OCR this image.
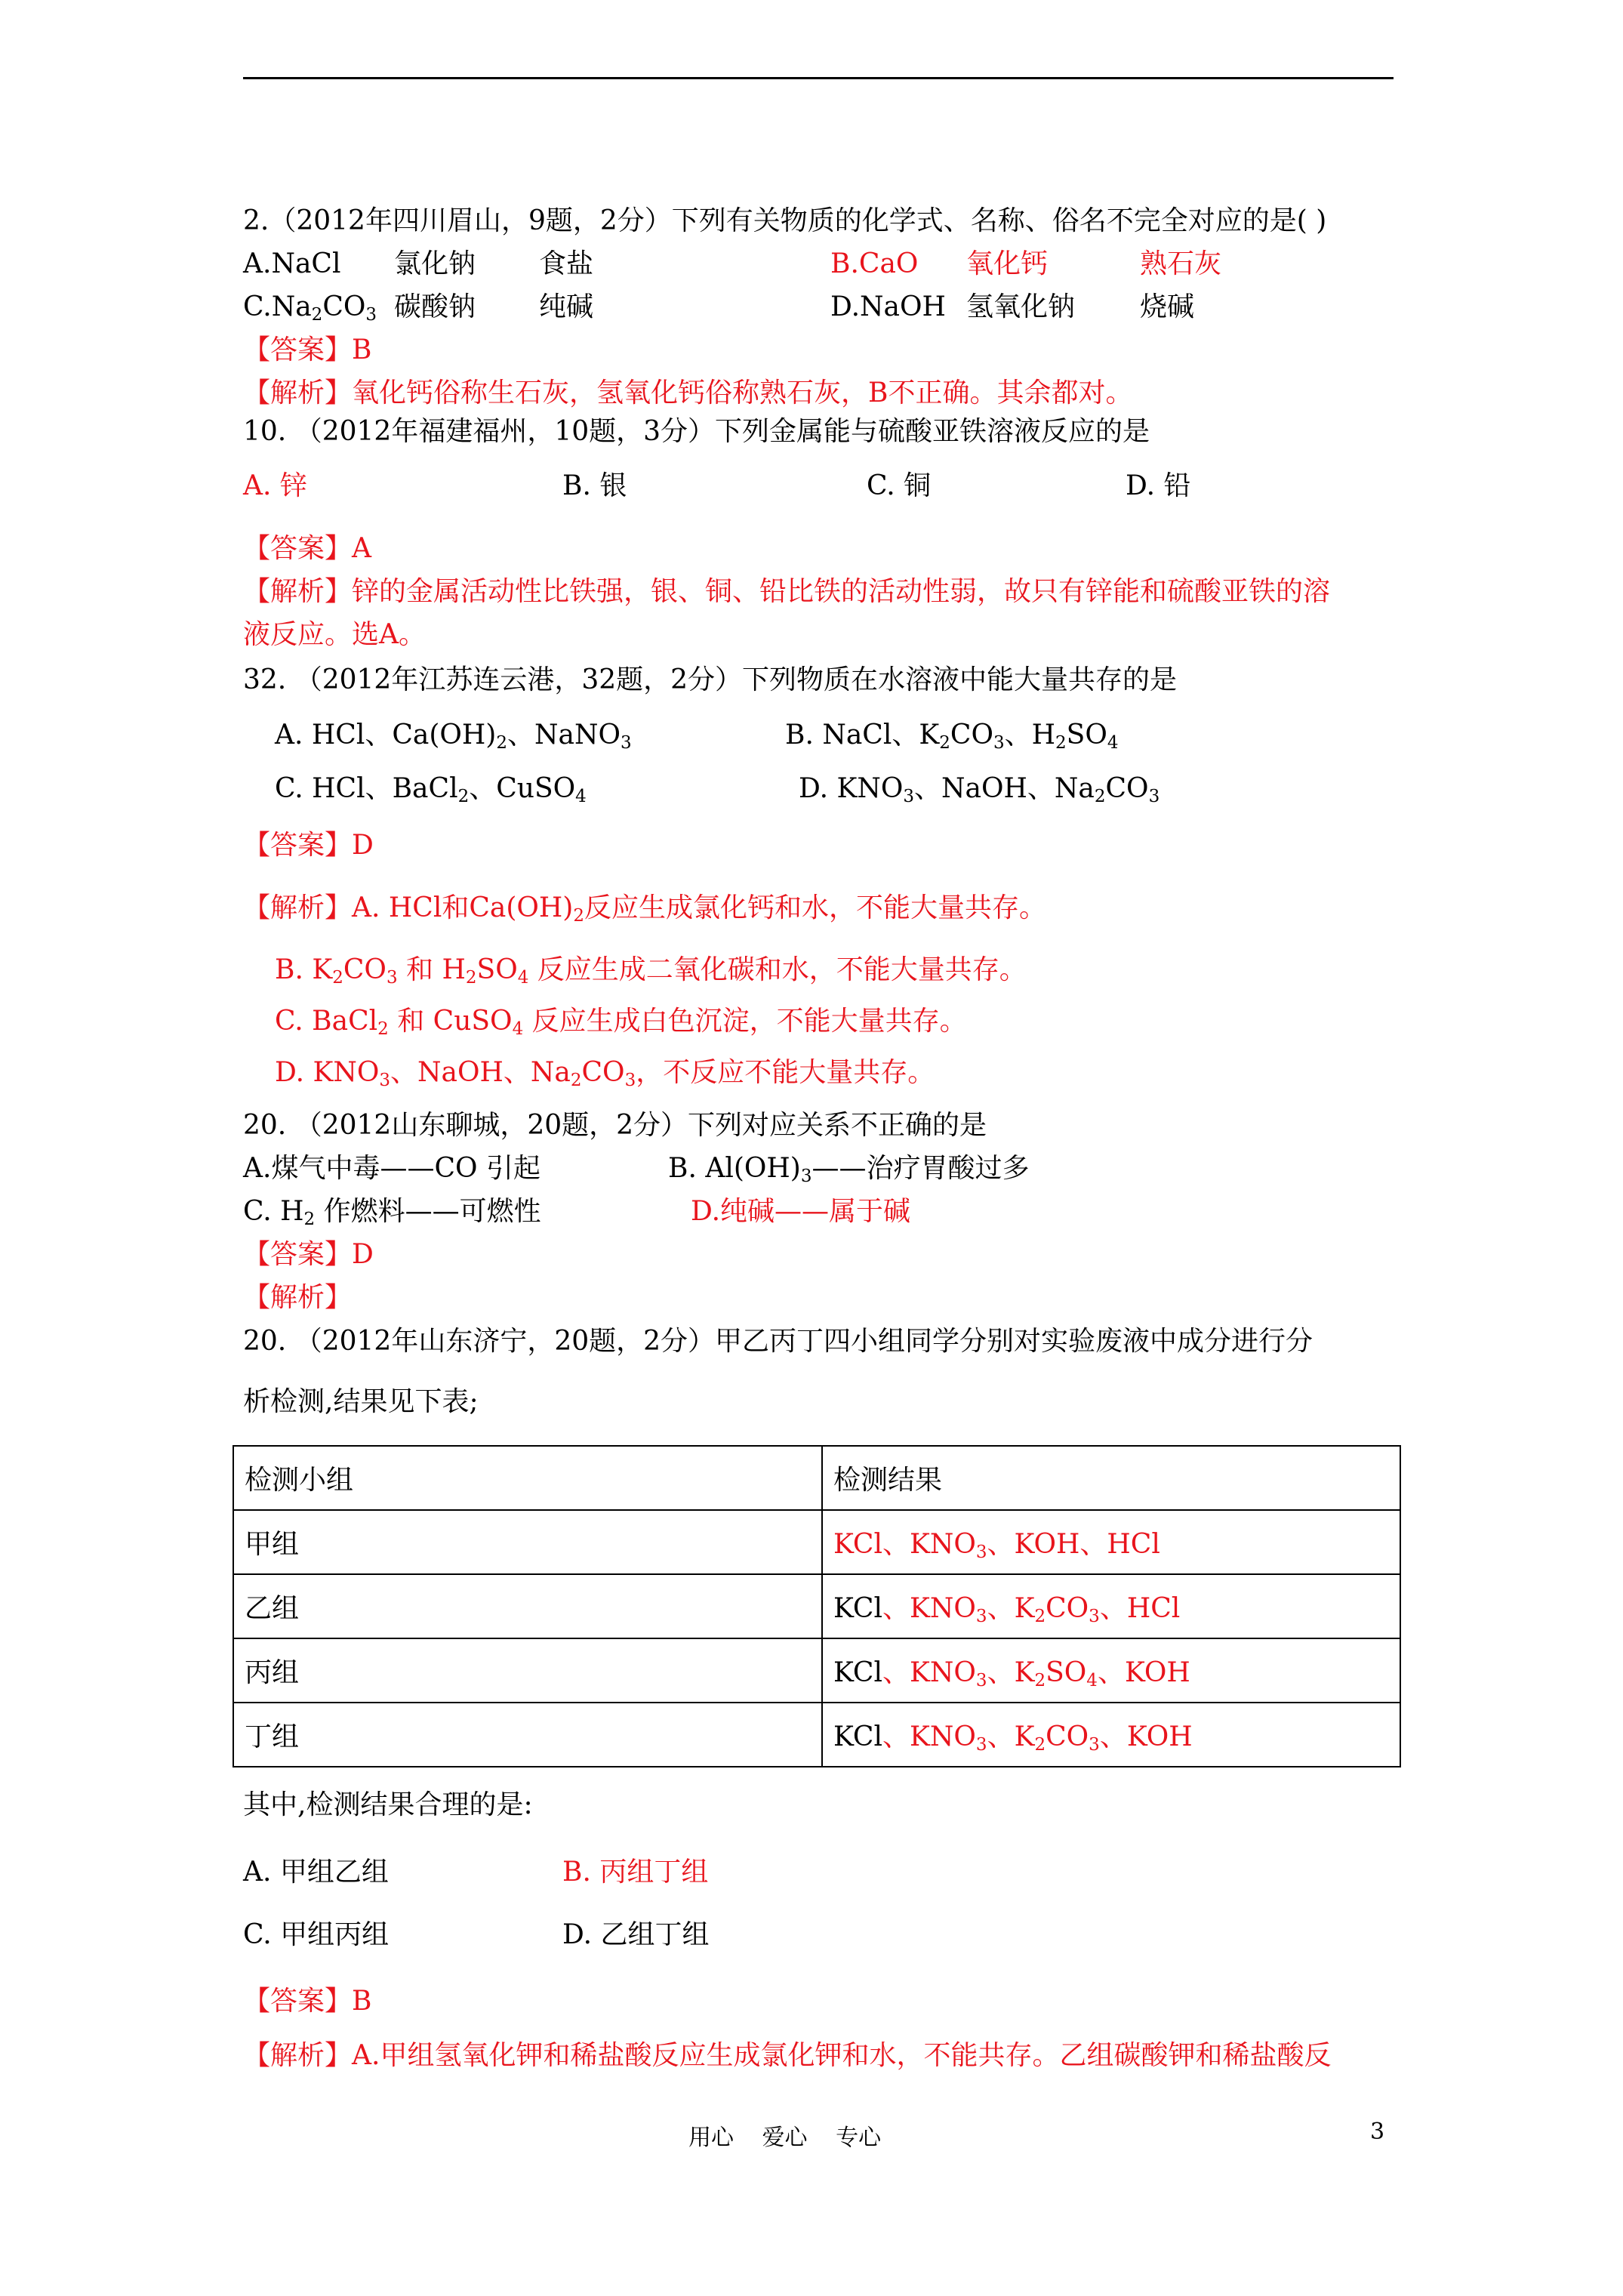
2.（2012年四川眉山，9题，2分）下列有关物质的化学式、名称、俗名不完全对应的是( )
A.NaCl 氯化钠 食盐	B.CaO 氧化钙	熟石灰
$C.Na_2CO_3$ 碳酸钠 纯碱	D.NaOH 氢氧化钠 烧碱
【答案】B
【解析】氧化钙俗称生石灰，氢氧化钙俗称熟石灰，B不正确。其余都对。
10. （2012年福建福州，10题，3分）下列金属能与硫酸亚铁溶液反应的是
A. 锌	B. 银	C. 铜	D. 铅
【答案】A
【解析】锌的金属活动性比铁强，银、铜、铅比铁的活动性弱，故只有锌能和硫酸亚铁的溶
液反应。选A。
32. （2012年江苏连云港，32题，2分）下列物质在水溶液中能大量共存的是
A. HCl、$Ca(OH)_2$、NaNO$_3$	B. NaCl、$K_2CO_3$、$H_2SO_4$
C. HCl、BaCl$_2$、CuSO$_4$	D. $KNO_3$、NaOH、$Na_2CO_3$
【答案】D
【解析】A. HCl和$Ca(OH)_2$反应生成氯化钙和水，不能大量共存。
B. $K_2CO_3$ 和 $H_2SO_4$ 反应生成二氧化碳和水，不能大量共存。
C. BaCl$_2$ 和 CuSO$_4$ 反应生成白色沉淀，不能大量共存。
D. $KNO_3$、NaOH、$Na_2CO_3$，不反应不能大量共存。
20. （2012山东聊城，20题，2分）下列对应关系不正确的是
A.煤气中毒——CO 引起	B. $Al(OH)_3——$治疗胃酸过多
C. $H_2$ 作燃料——可燃性	D.纯碱——属于碱
【答案】D
【解析】
20. （2012年山东济宁，20题，2分）甲乙丙丁四小组同学分别对实验废液中成分进行分
析检测,结果见下表;
检测小组	检测结果
甲组	KCl、$KNO_3$、KOH、HCl
乙组	KCl、$KNO_3$、$K_2CO_3$、HCl
丙组	KCl、$KNO_3$、$K_2SO_4$、KOH
丁组	KCl、$KNO_3$、$K_2CO_3$、KOH
其中,检测结果合理的是:
A. 甲组乙组	B. 丙组丁组
C. 甲组丙组	D. 乙组丁组
【答案】B
【解析】A.甲组氢氧化钾和稀盐酸反应生成氯化钾和水，不能共存。乙组碳酸钾和稀盐酸反
用心 爱心 专心	3
